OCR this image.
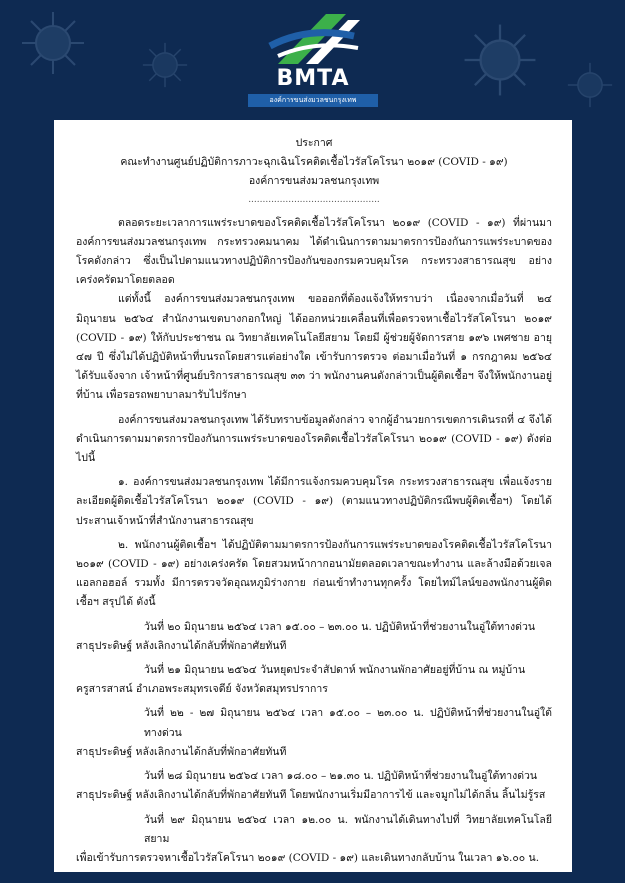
BMTA
องค์การขนส่งมวลชนกรุงเทพ
ประกาศ
คณะทำงานศูนย์ปฏิบัติการภาวะฉุกเฉินโรคติดเชื้อไวรัสโคโรนา ๒๐๑๙ (COVID - ๑๙)
องค์การขนส่งมวลชนกรุงเทพ
..............................................

ตลอดระยะเวลาการแพร่ระบาดของโรคติดเชื้อไวรัสโคโรนา ๒๐๑๙ (COVID - ๑๙) ที่ผ่านมาองค์การขนส่งมวลชนกรุงเทพ กระทรวงคมนาคม ได้ดำเนินการตามมาตรการป้องกันการแพร่ระบาดของโรคดังกล่าว ซึ่งเป็นไปตามแนวทางปฏิบัติการป้องกันของกรมควบคุมโรค กระทรวงสาธารณสุข อย่างเคร่งครัดมาโดยตลอด

แต่ทั้งนี้ องค์การขนส่งมวลชนกรุงเทพ ขอออกที่ต้องแจ้งให้ทราบว่า เนื่องจากเมื่อวันที่ ๒๔ มิถุนายน ๒๕๖๔ สำนักงานเขตบางกอกใหญ่ ได้ออกหน่วยเคลื่อนที่เพื่อตรวจหาเชื้อไวรัสโคโรนา ๒๐๑๙ (COVID - ๑๙) ให้กับประชาชน ณ วิทยาลัยเทคโนโลยีสยาม โดยมี ผู้ช่วยผู้จัดการสาย ๑๙๖ เพศชาย อายุ ๔๗ ปี ซึ่งไม่ได้ปฏิบัติหน้าที่บนรถโดยสารแต่อย่างใด เข้ารับการตรวจ ต่อมาเมื่อวันที่ ๑ กรกฎาคม ๒๕๖๔ ได้รับแจ้งจาก เจ้าหน้าที่ศูนย์บริการสาธารณสุข ๓๓ ว่า พนักงานคนดังกล่าวเป็นผู้ติดเชื้อฯ จึงให้พนักงานอยู่ที่บ้าน เพื่อรอรถพยาบาลมารับไปรักษา

องค์การขนส่งมวลชนกรุงเทพ ได้รับทราบข้อมูลดังกล่าว จากผู้อำนวยการเขตการเดินรถที่ ๔ จึงได้ดำเนินการตามมาตรการป้องกันการแพร่ระบาดของโรคติดเชื้อไวรัสโคโรนา ๒๐๑๙ (COVID - ๑๙) ดังต่อไปนี้

๑. องค์การขนส่งมวลชนกรุงเทพ ได้มีการแจ้งกรมควบคุมโรค กระทรวงสาธารณสุข เพื่อแจ้งรายละเอียดผู้ติดเชื้อไวรัสโคโรนา ๒๐๑๙ (COVID - ๑๙) (ตามแนวทางปฏิบัติกรณีพบผู้ติดเชื้อฯ) โดยได้ประสานเจ้าหน้าที่สำนักงานสาธารณสุข

๒. พนักงานผู้ติดเชื้อฯ ได้ปฏิบัติตามมาตรการป้องกันการแพร่ระบาดของโรคติดเชื้อไวรัสโคโรนา ๒๐๑๙ (COVID - ๑๙) อย่างเคร่งครัด โดยสวมหน้ากากอนามัยตลอดเวลาขณะทำงาน และล้างมือด้วยเจลแอลกอฮอล์ รวมทั้ง มีการตรวจวัดอุณหภูมิร่างกาย ก่อนเข้าทำงานทุกครั้ง โดยไทม์ไลน์ของพนักงานผู้ติดเชื้อฯ สรุปได้ ดังนี้

วันที่ ๒๐ มิถุนายน ๒๕๖๔ เวลา ๑๕.๐๐ – ๒๓.๐๐ น. ปฏิบัติหน้าที่ช่วยงานในอู่ใต้ทางด่วน

สาธุประดิษฐ์ หลังเลิกงานได้กลับที่พักอาศัยทันที

วันที่ ๒๑ มิถุนายน ๒๕๖๔ วันหยุดประจำสัปดาห์ พนักงานพักอาศัยอยู่ที่บ้าน ณ หมู่บ้าน

ครูสารสาสน์ อำเภอพระสมุทรเจดีย์ จังหวัดสมุทรปราการ

วันที่ ๒๒ - ๒๗ มิถุนายน ๒๕๖๔ เวลา ๑๕.๐๐ – ๒๓.๐๐ น. ปฏิบัติหน้าที่ช่วยงานในอู่ใต้ทางด่วน

สาธุประดิษฐ์ หลังเลิกงานได้กลับที่พักอาศัยทันที

วันที่ ๒๘ มิถุนายน ๒๕๖๔ เวลา ๑๘.๐๐ – ๒๑.๓๐ น. ปฏิบัติหน้าที่ช่วยงานในอู่ใต้ทางด่วน

สาธุประดิษฐ์ หลังเลิกงานได้กลับที่พักอาศัยทันที โดยพนักงานเริ่มมีอาการไข้ และจมูกไม่ได้กลิ่น ลิ้นไม่รู้รส

วันที่ ๒๙ มิถุนายน ๒๕๖๔ เวลา ๑๒.๐๐ น. พนักงานได้เดินทางไปที่ วิทยาลัยเทคโนโลยีสยาม

เพื่อเข้ารับการตรวจหาเชื้อไวรัสโคโรนา ๒๐๑๙ (COVID - ๑๙) และเดินทางกลับบ้าน ในเวลา ๑๖.๐๐ น.
